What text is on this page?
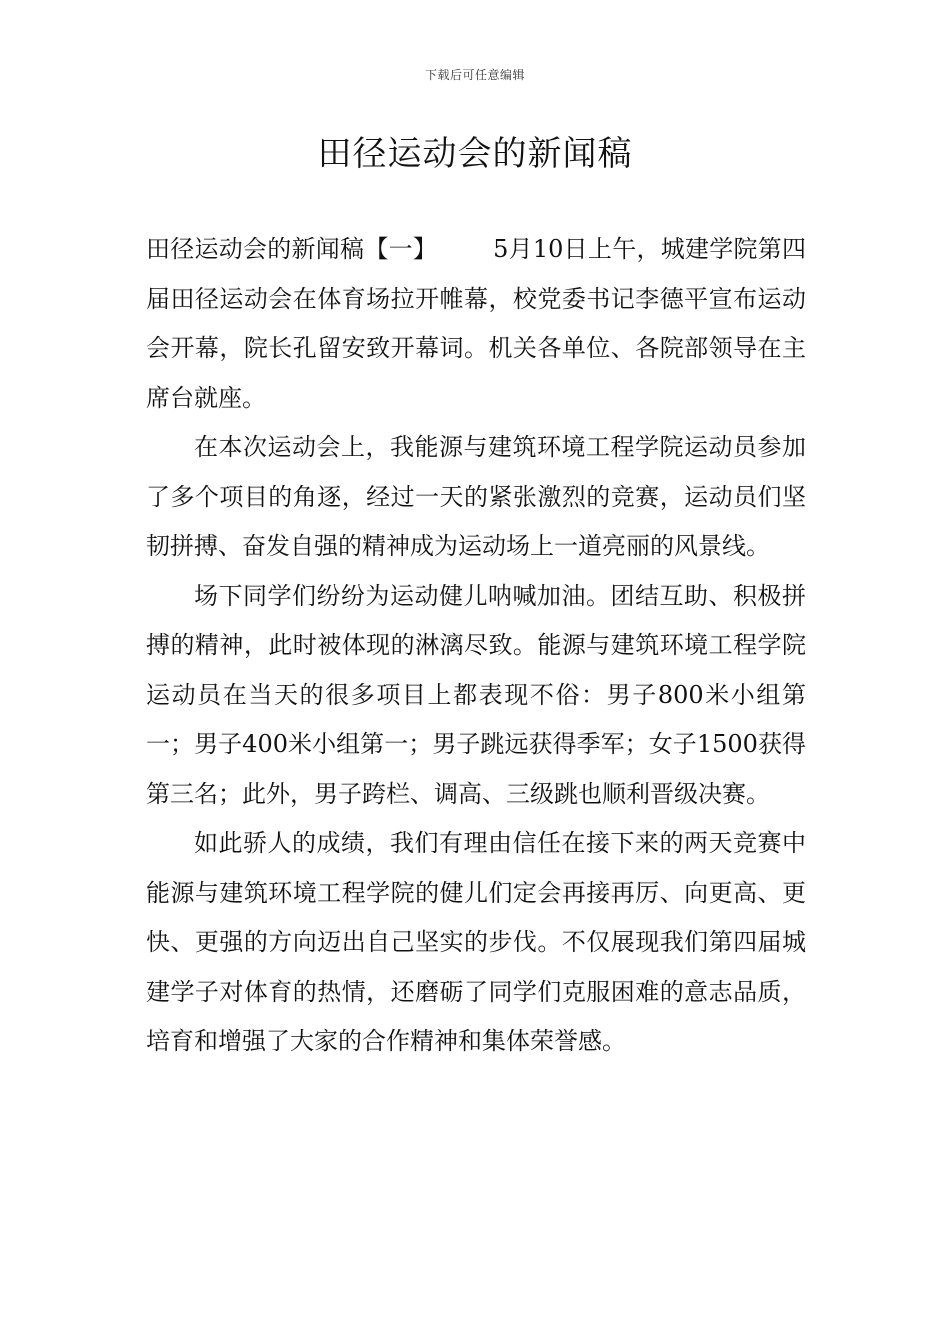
下载后可任意编辑
田径运动会的新闻稿

田径运动会的新闻稿【一】 5月10日上午，城建学院第四届田径运动会在体育场拉开帷幕，校党委书记李德平宣布运动会开幕，院长孔留安致开幕词。机关各单位、各院部领导在主席台就座。

在本次运动会上，我能源与建筑环境工程学院运动员参加了多个项目的角逐，经过一天的紧张激烈的竞赛，运动员们坚韧拼搏、奋发自强的精神成为运动场上一道亮丽的风景线。

场下同学们纷纷为运动健儿呐喊加油。团结互助、积极拼搏的精神，此时被体现的淋漓尽致。能源与建筑环境工程学院运动员在当天的很多项目上都表现不俗：男子800米小组第一；男子400米小组第一；男子跳远获得季军；女子1500获得第三名；此外，男子跨栏、调高、三级跳也顺利晋级决赛。

如此骄人的成绩，我们有理由信任在接下来的两天竞赛中能源与建筑环境工程学院的健儿们定会再接再厉、向更高、更快、更强的方向迈出自己坚实的步伐。不仅展现我们第四届城建学子对体育的热情，还磨砺了同学们克服困难的意志品质，培育和增强了大家的合作精神和集体荣誉感。
